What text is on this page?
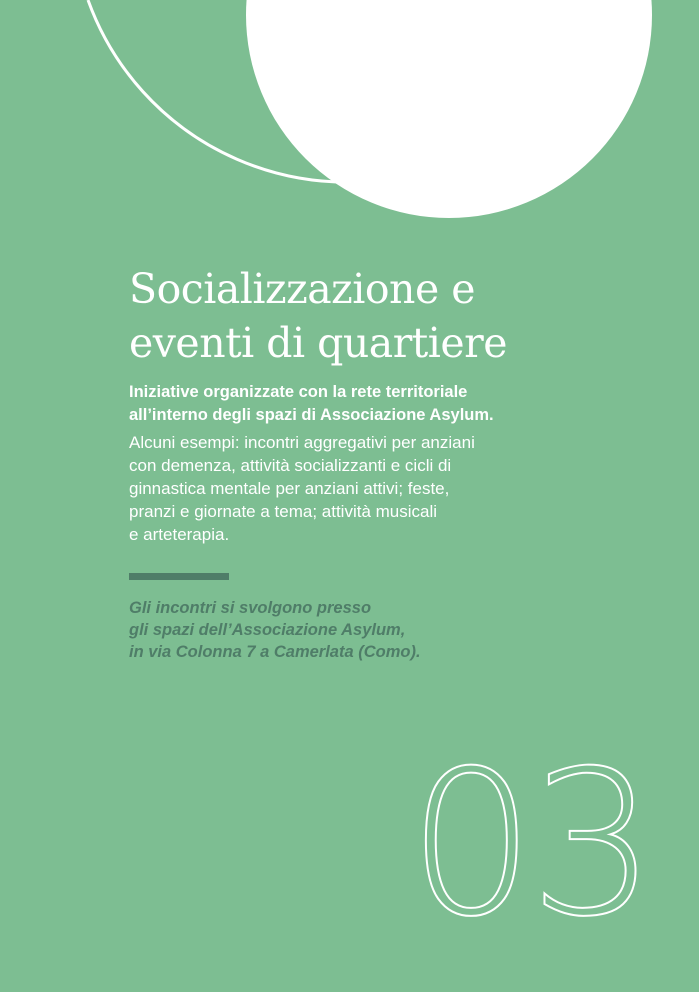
Socializzazione e
eventi di quartiere

Iniziative organizzate con la rete territoriale
all’interno degli spazi di Associazione Asylum.

Alcuni esempi: incontri aggregativi per anziani
con demenza, attività socializzanti e cicli di
ginnastica mentale per anziani attivi; feste,
pranzi e giornate a tema; attività musicali
e arteterapia.

Gli incontri si svolgono presso
gli spazi dell’Associazione Asylum,
in via Colonna 7 a Camerlata (Como).

03
